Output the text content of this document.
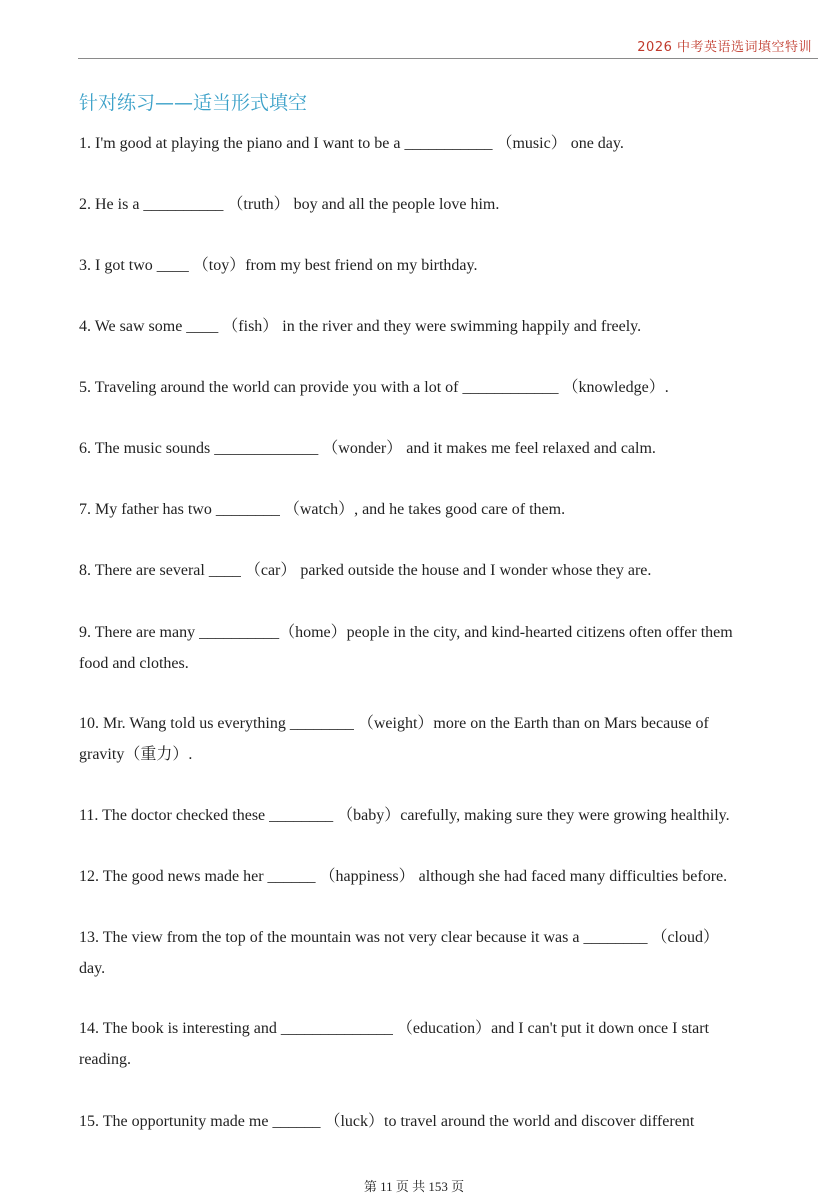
2026 中考英语选词填空特训
针对练习——适当形式填空
1. I'm good at playing the piano and I want to be a ___________ （music） one day.
2. He is a __________ （truth） boy and all the people love him.
3. I got two ____ （toy）from my best friend on my birthday.
4. We saw some ____ （fish） in the river and they were swimming happily and freely.
5. Traveling around the world can provide you with a lot of ____________ （knowledge）.
6. The music sounds _____________ （wonder） and it makes me feel relaxed and calm.
7. My father has two ________ （watch）, and he takes good care of them.
8. There are several ____ （car） parked outside the house and I wonder whose they are.
9. There are many __________（home）people in the city, and kind-hearted citizens often offer them
food and clothes.
10. Mr. Wang told us everything ________ （weight）more on the Earth than on Mars because of
gravity（重力）.
11. The doctor checked these ________ （baby）carefully, making sure they were growing healthily.
12. The good news made her ______ （happiness） although she had faced many difficulties before.
13. The view from the top of the mountain was not very clear because it was a ________ （cloud）
day.
14. The book is interesting and ______________ （education）and I can't put it down once I start
reading.
15. The opportunity made me ______ （luck）to travel around the world and discover different
第 11 页 共 153 页
